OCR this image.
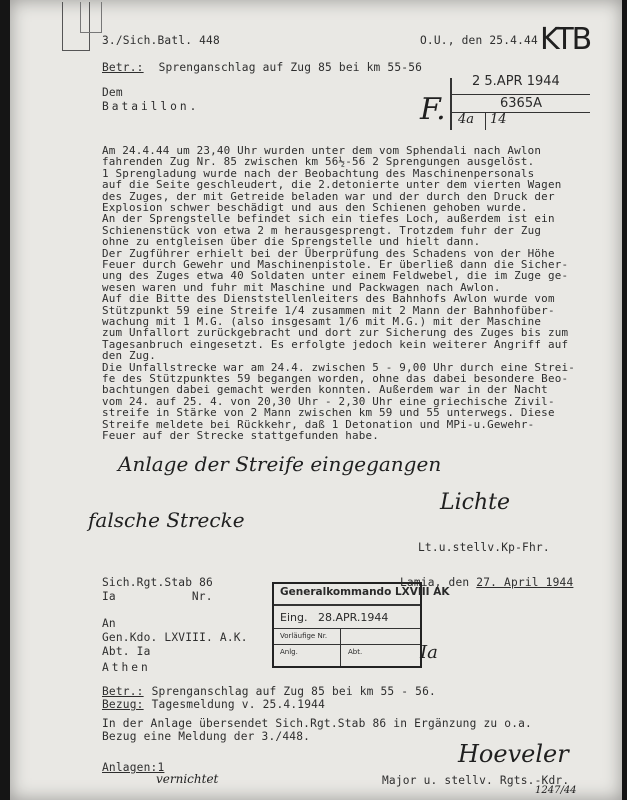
3./Sich.Batl. 448	O.U., den 25.4.44 KTB
2 5.APR 1944
6365A
4a 14
F.
Betr.: Sprenganschlag auf Zug 85 bei km 55-56
Dem
Bataillon.
Am 24.4.44 um 23,40 Uhr wurden unter dem vom Sphendali nach Awlon
fahrenden Zug Nr. 85 zwischen km 56½-56 2 Sprengungen ausgelöst.
1 Sprengladung wurde nach der Beobachtung des Maschinenpersonals
auf die Seite geschleudert, die 2.detonierte unter dem vierten Wagen
des Zuges, der mit Getreide beladen war und der durch den Druck der
Explosion schwer beschädigt und aus den Schienen gehoben wurde.
An der Sprengstelle befindet sich ein tiefes Loch, außerdem ist ein
Schienenstück von etwa 2 m herausgesprengt. Trotzdem fuhr der Zug
ohne zu entgleisen über die Sprengstelle und hielt dann.
Der Zugführer erhielt bei der Überprüfung des Schadens von der Höhe
Feuer durch Gewehr und Maschinenpistole. Er überließ dann die Sicher-
ung des Zuges etwa 40 Soldaten unter einem Feldwebel, die im Zuge ge-
wesen waren und fuhr mit Maschine und Packwagen nach Awlon.
Auf die Bitte des Dienststellenleiters des Bahnhofs Awlon wurde vom
Stützpunkt 59 eine Streife 1/4 zusammen mit 2 Mann der Bahnhofüber-
wachung mit 1 M.G. (also insgesamt 1/6 mit M.G.) mit der Maschine
zum Unfallort zurückgebracht und dort zur Sicherung des Zuges bis zum
Tagesanbruch eingesetzt. Es erfolgte jedoch kein weiterer Angriff auf
den Zug.
Die Unfallstrecke war am 24.4. zwischen 5 - 9,00 Uhr durch eine Strei-
fe des Stützpunktes 59 begangen worden, ohne das dabei besondere Beo-
bachtungen dabei gemacht werden konnten. Außerdem war in der Nacht
vom 24. auf 25. 4. von 20,30 Uhr - 2,30 Uhr eine griechische Zivil-
streife in Stärke von 2 Mann zwischen km 59 und 55 unterwegs. Diese
Streife meldete bei Rückkehr, daß 1 Detonation und MPi-u.Gewehr-
Feuer auf der Strecke stattgefunden habe.
Anlage der Streife eingegangen
falsche Strecke
Lichte
Lt.u.stellv.Kp-Fhr.
Sich.Rgt.Stab 86
Ia	Nr.
Lamia, den 27. April 1944
Generalkommando LXVIII AK
Eing. 28.APR.1944
Vorläufige Nr.
Anlg.	Abt.	Ia
An
Gen.Kdo. LXVIII. A.K.
Abt. Ia
Athen
Betr.: Sprenganschlag auf Zug 85 bei km 55 - 56.
Bezug: Tagesmeldung v. 25.4.1944
In der Anlage übersendet Sich.Rgt.Stab 86 in Ergänzung zu o.a.
Bezug eine Meldung der 3./448.
Anlagen:1
vernichtet
Hoeveler
Major u. stellv. Rgts.-Kdr.
1247/44
